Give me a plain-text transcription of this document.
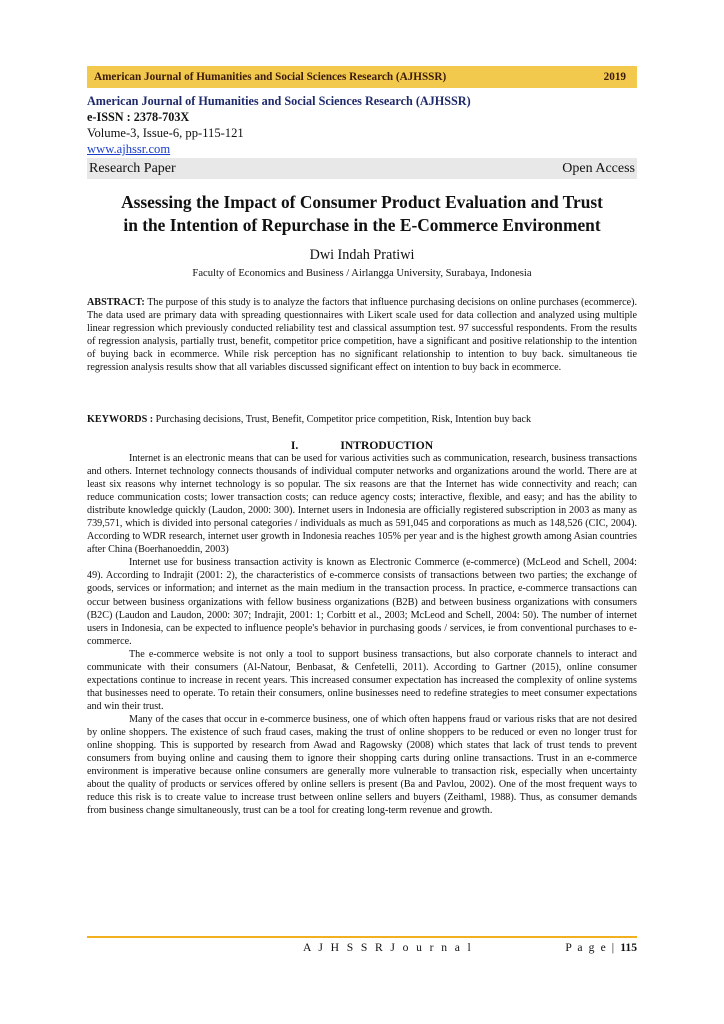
American Journal of Humanities and Social Sciences Research (AJHSSR)	2019
American Journal of Humanities and Social Sciences Research (AJHSSR)
e-ISSN : 2378-703X
Volume-3, Issue-6, pp-115-121
www.ajhssr.com
Research Paper	Open Access
Assessing the Impact of Consumer Product Evaluation and Trust
in the Intention of Repurchase in the E-Commerce Environment
Dwi Indah Pratiwi
Faculty of Economics and Business / Airlangga University, Surabaya, Indonesia
ABSTRACT: The purpose of this study is to analyze the factors that influence purchasing decisions on online purchases (ecommerce). The data used are primary data with spreading questionnaires with Likert scale used for data collection and analyzed using multiple linear regression which previously conducted reliability test and classical assumption test. 97 successful respondents. From the results of regression analysis, partially trust, benefit, competitor price competition, have a significant and positive relationship to the intention of buying back in ecommerce. While risk perception has no significant relationship to intention to buy back. simultaneous tie regression analysis results show that all variables discussed significant effect on intention to buy back in ecommerce.
KEYWORDS : Purchasing decisions, Trust, Benefit, Competitor price competition, Risk, Intention buy back
I.	INTRODUCTION

Internet is an electronic means that can be used for various activities such as communication, research, business transactions and others. Internet technology connects thousands of individual computer networks and organizations around the world. There are at least six reasons why internet technology is so popular. The six reasons are that the Internet has wide connectivity and reach; can reduce communication costs; lower transaction costs; can reduce agency costs; interactive, flexible, and easy; and has the ability to distribute knowledge quickly (Laudon, 2000: 300). Internet users in Indonesia are officially registered subscription in 2003 as many as 739,571, which is divided into personal categories / individuals as much as 591,045 and corporations as much as 148,526 (CIC, 2004). According to WDR research, internet user growth in Indonesia reaches 105% per year and is the highest growth among Asian countries after China (Boerhanoeddin, 2003)

Internet use for business transaction activity is known as Electronic Commerce (e-commerce) (McLeod and Schell, 2004: 49). According to Indrajit (2001: 2), the characteristics of e-commerce consists of transactions between two parties; the exchange of goods, services or information; and internet as the main medium in the transaction process. In practice, e-commerce transactions can occur between business organizations with fellow business organizations (B2B) and between business organizations with consumers (B2C) (Laudon and Laudon, 2000: 307; Indrajit, 2001: 1; Corbitt et al., 2003; McLeod and Schell, 2004: 50). The number of internet users in Indonesia, can be expected to influence people's behavior in purchasing goods / services, ie from conventional purchases to e-commerce.

The e-commerce website is not only a tool to support business transactions, but also corporate channels to interact and communicate with their consumers (Al-Natour, Benbasat, & Cenfetelli, 2011). According to Gartner (2015), online consumer expectations continue to increase in recent years. This increased consumer expectation has increased the complexity of online systems that businesses need to operate. To retain their consumers, online businesses need to redefine strategies to meet consumer expectations and win their trust.

Many of the cases that occur in e-commerce business, one of which often happens fraud or various risks that are not desired by online shoppers. The existence of such fraud cases, making the trust of online shoppers to be reduced or even no longer trust for online shopping. This is supported by research from Awad and Ragowsky (2008) which states that lack of trust tends to prevent consumers from buying online and causing them to ignore their shopping carts during online transactions. Trust in an e-commerce environment is imperative because online consumers are generally more vulnerable to transaction risk, especially when uncertainty about the quality of products or services offered by online sellers is present (Ba and Pavlou, 2002). One of the most frequent ways to reduce this risk is to create value to increase trust between online sellers and buyers (Zeithaml, 1988). Thus, as consumer demands from business change simultaneously, trust can be a tool for creating long-term revenue and growth.

A J H S S R J o u r n a l	P a g e | 115
